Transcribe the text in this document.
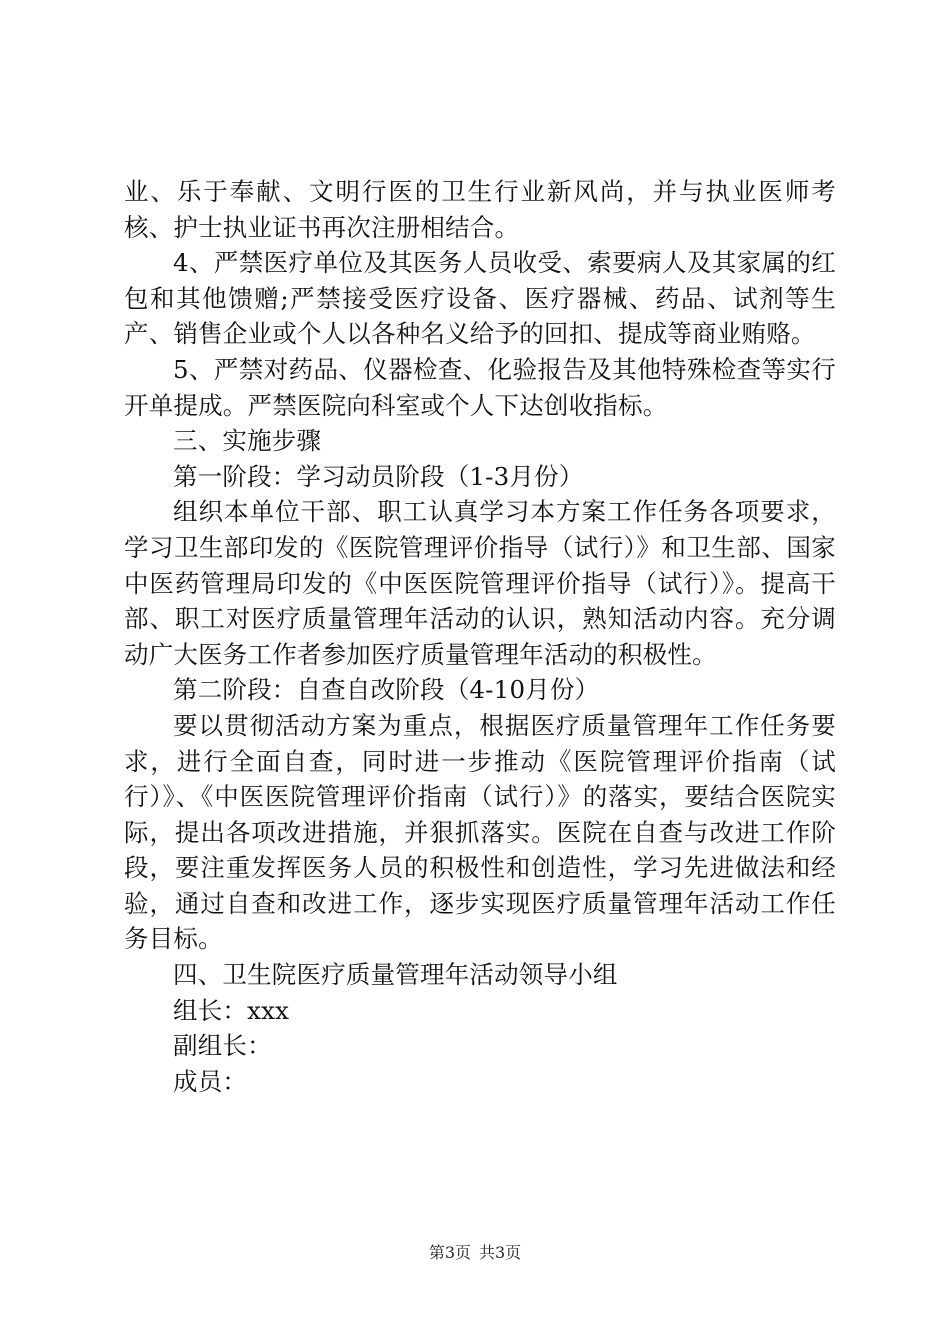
业、乐于奉献、文明行医的卫生行业新风尚，并与执业医师考核、护士执业证书再次注册相结合。

4、严禁医疗单位及其医务人员收受、索要病人及其家属的红包和其他馈赠;严禁接受医疗设备、医疗器械、药品、试剂等生产、销售企业或个人以各种名义给予的回扣、提成等商业贿赂。

5、严禁对药品、仪器检查、化验报告及其他特殊检查等实行开单提成。严禁医院向科室或个人下达创收指标。

三、实施步骤

第一阶段：学习动员阶段（1-3月份）

组织本单位干部、职工认真学习本方案工作任务各项要求，学习卫生部印发的《医院管理评价指导（试行）》和卫生部、国家中医药管理局印发的《中医医院管理评价指导（试行）》。提高干部、职工对医疗质量管理年活动的认识，熟知活动内容。充分调动广大医务工作者参加医疗质量管理年活动的积极性。

第二阶段：自查自改阶段（4-10月份）

要以贯彻活动方案为重点，根据医疗质量管理年工作任务要求，进行全面自查，同时进一步推动《医院管理评价指南（试行）》、《中医医院管理评价指南（试行）》的落实，要结合医院实际，提出各项改进措施，并狠抓落实。医院在自查与改进工作阶段，要注重发挥医务人员的积极性和创造性，学习先进做法和经验，通过自查和改进工作，逐步实现医疗质量管理年活动工作任务目标。

四、卫生院医疗质量管理年活动领导小组

组长：xxx

副组长：

成员：

第3页 共3页
